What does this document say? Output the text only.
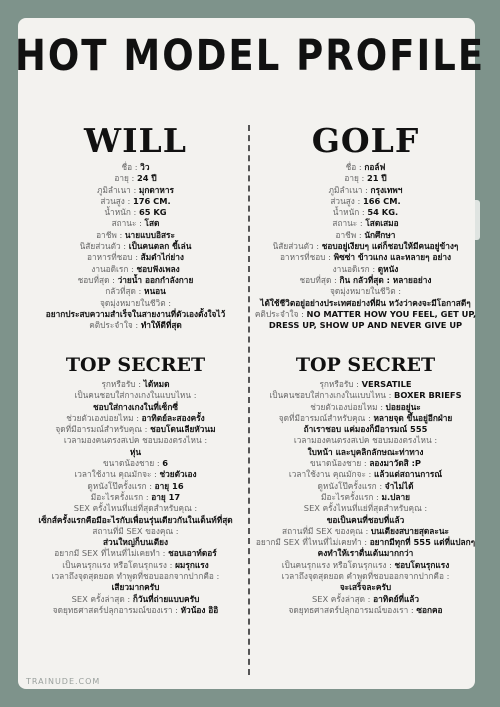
HOT MODEL PROFILE
WILL
ชื่อ : วิว
อายุ : 24 ปี
ภูมิลำเนา : มุกดาหาร
ส่วนสูง : 176 CM.
น้ำหนัก : 65 KG
สถานะ : โสด
อาชีพ : นายแบบอิสระ
นิสัยส่วนตัว : เป็นคนตลก ขี้เล่น
อาหารที่ชอบ : ส้มตำไก่ย่าง
งานอดิเรก : ชอบฟังเพลง
ชอบที่สุด : ว่ายน้ำ ออกกำลังกาย
กลัวที่สุด : หนอน
จุดมุ่งหมายในชีวิต :
อยากประสบความสำเร็จในสายงานที่ตัวเองตั้งใจไว้
คติประจำใจ : ทำให้ดีที่สุด
TOP SECRET
รุกหรือรับ : ได้หมด
เป็นคนชอบใส่กางเกงในแบบไหน :
ชอบใส่กางเกงในที่เซ็กซี่
ช่วยตัวเองบ่อยไหม : อาทิตย์ละสองครั้ง
จุดที่มีอารมณ์สำหรับคุณ : ชอบโดนเลียหัวนม
เวลามองคนตรงสเปค ชอบมองตรงไหน :
หุ่น
ขนาดน้องชาย : 6
เวลาใช้งาน คุณมักจะ : ช่วยตัวเอง
ดูหนังโป๊ครั้งแรก : อายุ 16
มีอะไรครั้งแรก : อายุ 17
SEX ครั้งไหนที่แย่ที่สุดสำหรับคุณ :
เซ็กส์ครั้งแรกคือมีอะไรกับเพื่อนรุ่นเดียวกันในเต็นท์ที่สุด
สถานที่มี SEX ของคุณ :
ส่วนใหญ่ก็บนเตียง
อยากมี SEX ที่ไหนที่ไม่เคยทำ : ชอบเอาท์ดอร์
เป็นคนรุกแรง หรือโดนรุกแรง : ผมรุกแรง
เวลาถึงจุดสุดยอด ทำพูดที่ชอบออกจากปากคือ :
เสียวมากครับ
SEX ครั้งล่าสุด : ก็วันที่ถ่ายแบบครับ
จดยุทธศาสตร์ปลุกอารมณ์ของเรา : หัวน้อง อิอิ
GOLF
ชื่อ : กอล์ฟ
อายุ : 21 ปี
ภูมิลำเนา : กรุงเทพฯ
ส่วนสูง : 166 CM.
น้ำหนัก : 54 KG.
สถานะ : โสดเสมอ
อาชีพ : นักศึกษา
นิสัยส่วนตัว : ชอบอยู่เงียบๆ แต่ก็ชอบให้มีคนอยู่ข้างๆ
อาหารที่ชอบ : พิซซ่า ข้าวแกง และหลายๆ อย่าง
งานอดิเรก : ดูหนัง
ชอบที่สุด : กิน กลัวที่สุด : หลายอย่าง
จุดมุ่งหมายในชีวิต :
ได้ใช้ชีวิตอยู่อย่างประเทศอย่างที่ฝัน หวังว่าคงจะมีโอกาสดีๆ
คติประจำใจ : NO MATTER HOW YOU FEEL, GET UP,
DRESS UP, SHOW UP AND NEVER GIVE UP
TOP SECRET
รุกหรือรับ : VERSATILE
เป็นคนชอบใส่กางเกงในแบบไหน : BOXER BRIEFS
ช่วยตัวเองบ่อยไหม : บ่อยอยู่นะ
จุดที่มีอารมณ์สำหรับคุณ : หลายจุด ขึ้นอยู่อีกฝ่าย
ถ้าเราชอบ แค่มองก็มีอารมณ์ 555
เวลามองคนตรงสเปค ชอบมองตรงไหน :
ใบหน้า และบุคลิกลักษณะท่าทาง
ขนาดน้องชาย : ลองมาวัดสิ :P
เวลาใช้งาน คุณมักจะ : แล้วแต่สถานการณ์
ดูหนังโป๊ครั้งแรก : จำไม่ได้
มีอะไรครั้งแรก : ม.ปลาย
SEX ครั้งไหนที่แย่ที่สุดสำหรับคุณ :
ขอเป็นคนที่ชอบที่แล้ว
สถานที่มี SEX ของคุณ : บนเตียงสบายสุดละนะ
อยากมี SEX ที่ไหนที่ไม่เคยทำ : อยากมีทุกที่ 555 แต่ที่แปลกๆ
คงทำให้เราตื่นเต้นมากกว่า
เป็นคนรุกแรง หรือโดนรุกแรง : ชอบโดนรุกแรง
เวลาถึงจุดสุดยอด คำพูดที่ชอบออกจากปากคือ :
จะเสร็จละครับ
SEX ครั้งล่าสุด : อาทิตย์ที่แล้ว
จดยุทธศาสตร์ปลุกอารมณ์ของเรา : ซอกคอ
TRAINUDE.COM
